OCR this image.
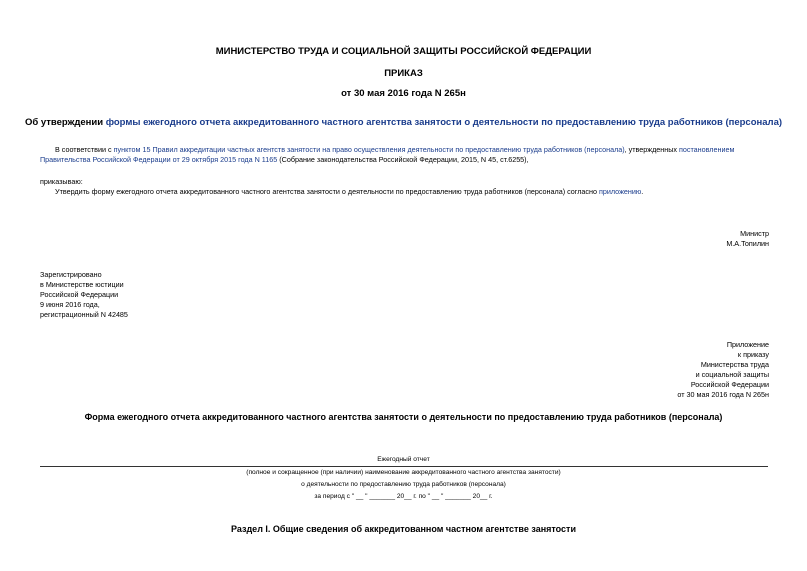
МИНИСТЕРСТВО ТРУДА И СОЦИАЛЬНОЙ ЗАЩИТЫ РОССИЙСКОЙ ФЕДЕРАЦИИ
ПРИКАЗ
от 30 мая 2016 года N 265н
Об утверждении формы ежегодного отчета аккредитованного частного агентства занятости о деятельности по предоставлению труда работников (персонала)
В соответствии с пунктом 15 Правил аккредитации частных агентств занятости на право осуществления деятельности по предоставлению труда работников (персонала), утвержденных постановлением
Правительства Российской Федерации от 29 октября 2015 года N 1165 (Собрание законодательства Российской Федерации, 2015, N 45, ст.6255),
приказываю:
Утвердить форму ежегодного отчета аккредитованного частного агентства занятости о деятельности по предоставлению труда работников (персонала) согласно приложению.
Министр
М.А.Топилин
Зарегистрировано
в Министерстве юстиции
Российской Федерации
9 июня 2016 года,
регистрационный N 42485
Приложение
к приказу
Министерства труда
и социальной защиты
Российской Федерации
от 30 мая 2016 года N 265н
Форма ежегодного отчета аккредитованного частного агентства занятости о деятельности по предоставлению труда работников (персонала)
Ежегодный отчет
(полное и сокращенное (при наличии) наименование аккредитованного частного агентства занятости)
о деятельности по предоставлению труда работников (персонала)
за период с " __ " _______ 20__ г. по " __ " _______ 20__ г.
Раздел I. Общие сведения об аккредитованном частном агентстве занятости
